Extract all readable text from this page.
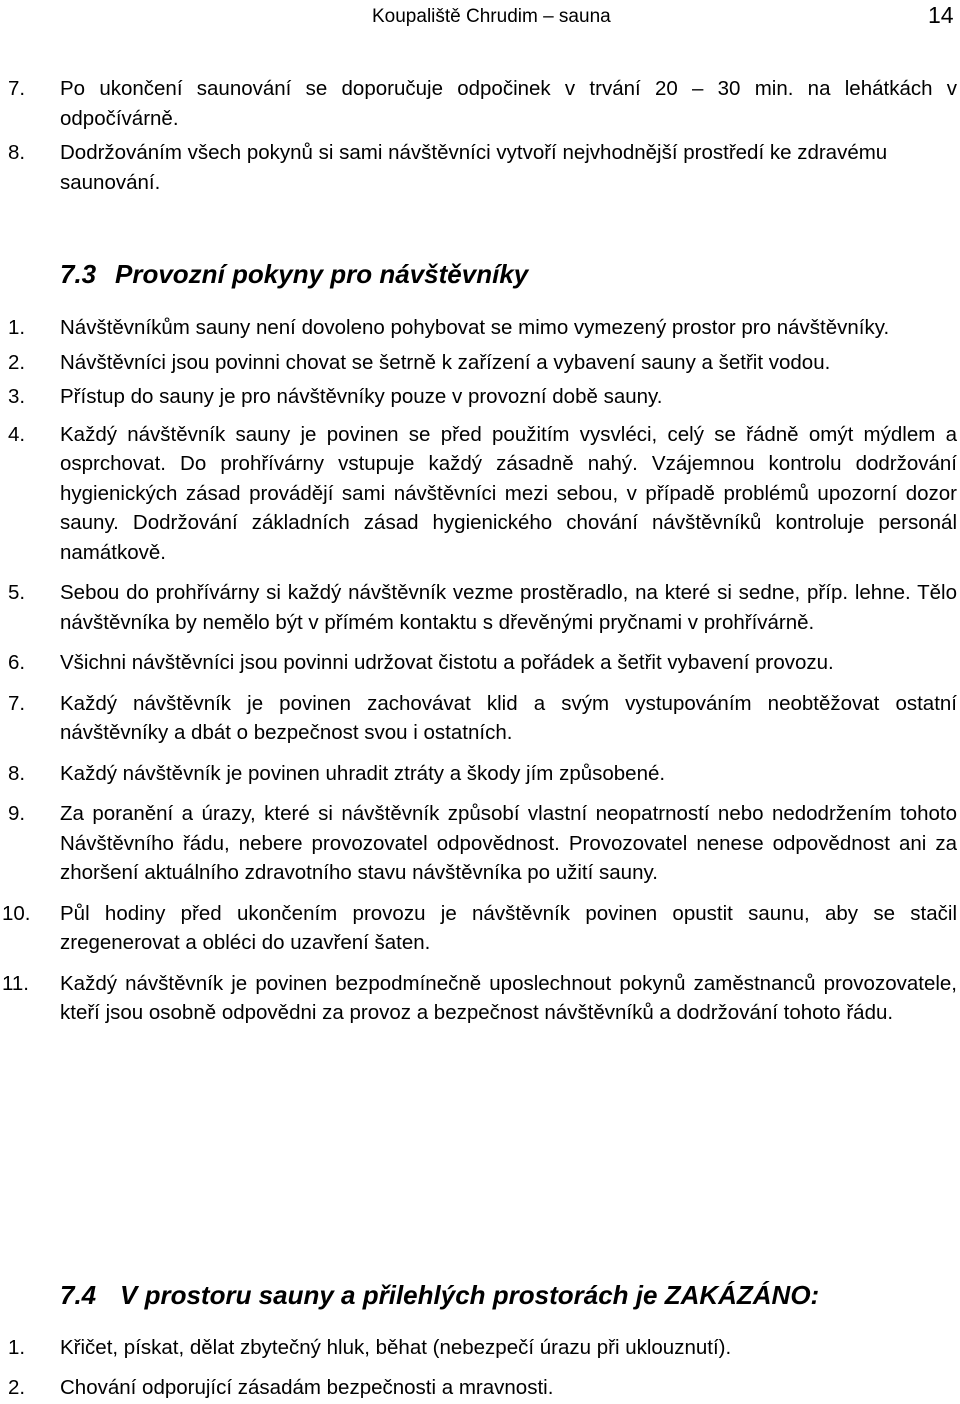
Koupaliště Chrudim – sauna	14
7. Po ukončení saunování se doporučuje odpočinek v trvání 20 – 30 min. na lehátkách v odpočívárně.
8. Dodržováním všech pokynů si sami návštěvníci vytvoří nejvhodnější prostředí ke zdravému saunování.
7.3 Provozní pokyny pro návštěvníky
1. Návštěvníkům sauny není dovoleno pohybovat se mimo vymezený prostor pro návštěvníky.
2. Návštěvníci jsou povinni chovat se šetrně k zařízení a vybavení sauny a šetřit vodou.
3. Přístup do sauny je pro návštěvníky pouze v provozní době sauny.
4. Každý návštěvník sauny je povinen se před použitím vysvléci, celý se řádně omýt mýdlem a osprchovat. Do prohřívárny vstupuje každý zásadně nahý. Vzájemnou kontrolu dodržování hygienických zásad provádějí sami návštěvníci mezi sebou, v případě problémů upozorní dozor sauny. Dodržování základních zásad hygienického chování návštěvníků kontroluje personál namátkově.
5. Sebou do prohřívárny si každý návštěvník vezme prostěradlo, na které si sedne, příp. lehne. Tělo návštěvníka by nemělo být v přímém kontaktu s dřevěnými pryčnami v prohřívárně.
6. Všichni návštěvníci jsou povinni udržovat čistotu a pořádek a šetřit vybavení provozu.
7. Každý návštěvník je povinen zachovávat klid a svým vystupováním neobtěžovat ostatní návštěvníky a dbát o bezpečnost svou i ostatních.
8. Každý návštěvník je povinen uhradit ztráty a škody jím způsobené.
9. Za poranění a úrazy, které si návštěvník způsobí vlastní neopatrností nebo nedodržením tohoto Návštěvního řádu, nebere provozovatel odpovědnost. Provozovatel nenese odpovědnost ani za zhoršení aktuálního zdravotního stavu návštěvníka po užití sauny.
10. Půl hodiny před ukončením provozu je návštěvník povinen opustit saunu, aby se stačil zregenerovat a obléci do uzavření šaten.
11. Každý návštěvník je povinen bezpodmínečně uposlechnout pokynů zaměstnanců provozovatele, kteří jsou osobně odpovědni za provoz a bezpečnost návštěvníků a dodržování tohoto řádu.
7.4 V prostoru sauny a přilehlých prostorách je ZAKÁZÁNO:
1. Křičet, pískat, dělat zbytečný hluk, běhat (nebezpečí úrazu při uklouznutí).
2. Chování odporující zásadám bezpečnosti a mravnosti.
